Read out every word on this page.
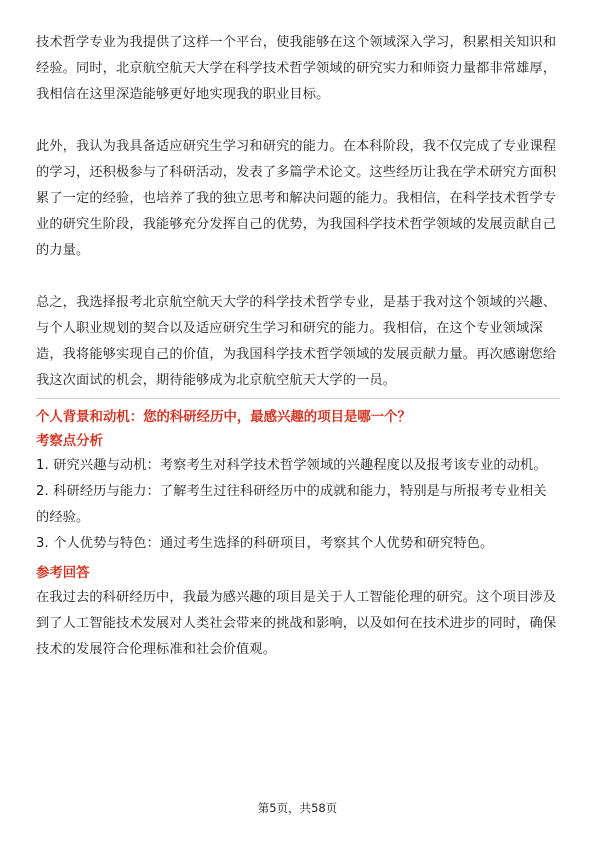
技术哲学专业为我提供了这样一个平台，使我能够在这个领域深入学习，积累相关知识和经验。同时，北京航空航天大学在科学技术哲学领域的研究实力和师资力量都非常雄厚，我相信在这里深造能够更好地实现我的职业目标。

此外，我认为我具备适应研究生学习和研究的能力。在本科阶段，我不仅完成了专业课程的学习，还积极参与了科研活动，发表了多篇学术论文。这些经历让我在学术研究方面积累了一定的经验，也培养了我的独立思考和解决问题的能力。我相信，在科学技术哲学专业的研究生阶段，我能够充分发挥自己的优势，为我国科学技术哲学领域的发展贡献自己的力量。

总之，我选择报考北京航空航天大学的科学技术哲学专业，是基于我对这个领域的兴趣、与个人职业规划的契合以及适应研究生学习和研究的能力。我相信，在这个专业领域深造，我将能够实现自己的价值，为我国科学技术哲学领域的发展贡献力量。再次感谢您给我这次面试的机会，期待能够成为北京航空航天大学的一员。

个人背景和动机：您的科研经历中，最感兴趣的项目是哪一个？

考察点分析

1. 研究兴趣与动机：考察考生对科学技术哲学领域的兴趣程度以及报考该专业的动机。

2. 科研经历与能力：了解考生过往科研经历中的成就和能力，特别是与所报考专业相关的经验。

3. 个人优势与特色：通过考生选择的科研项目，考察其个人优势和研究特色。

参考回答

在我过去的科研经历中，我最为感兴趣的项目是关于人工智能伦理的研究。这个项目涉及到了人工智能技术发展对人类社会带来的挑战和影响，以及如何在技术进步的同时，确保技术的发展符合伦理标准和社会价值观。

第5页，共58页
